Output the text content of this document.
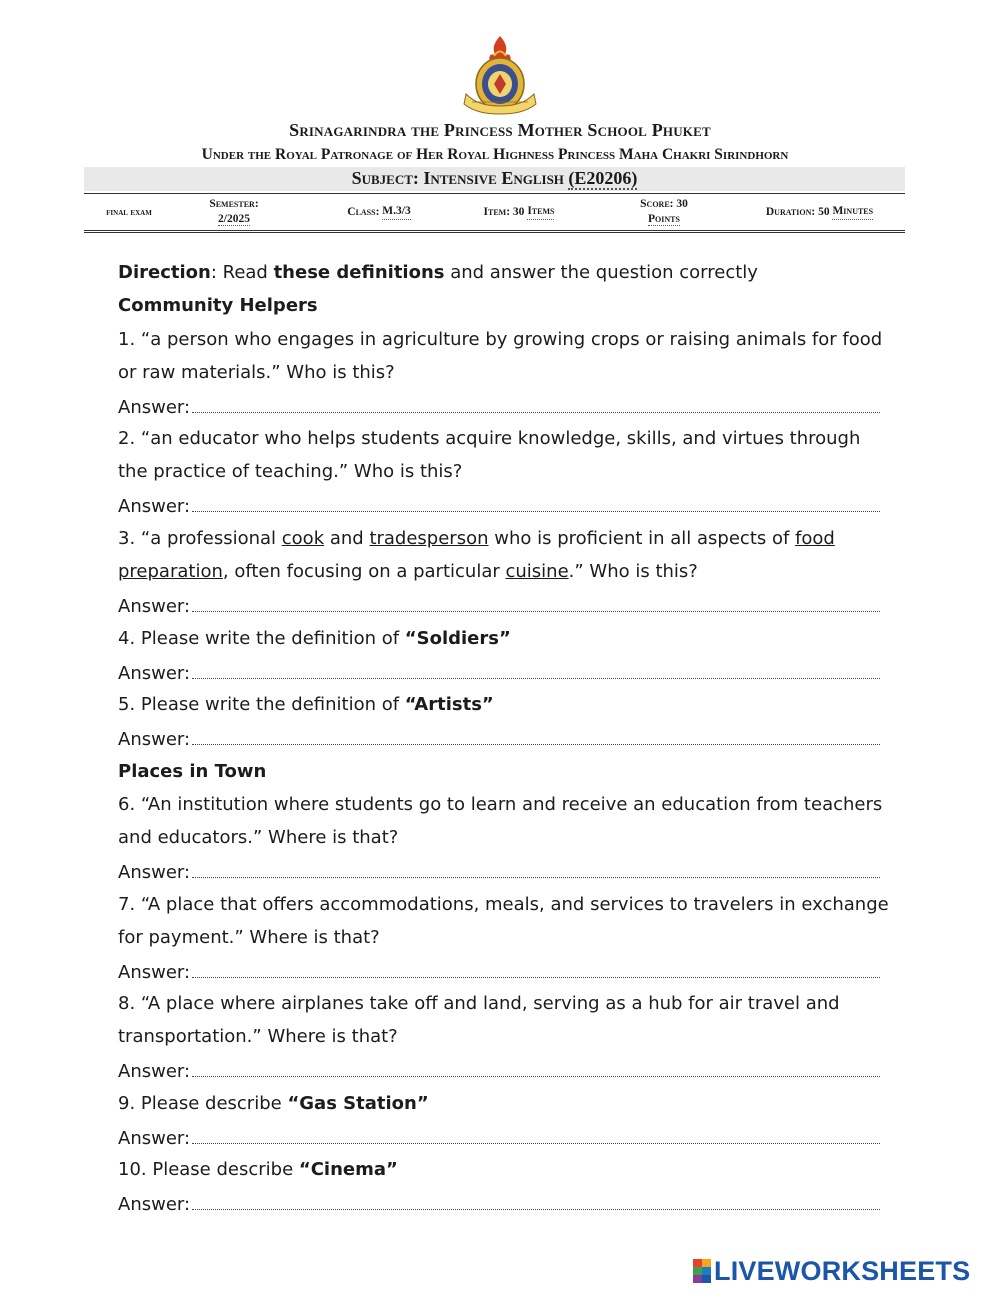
Srinagarindra the Princess Mother School Phuket
Under the Royal Patronage of Her Royal Highness Princess Maha Chakri Sirindhorn
Subject: Intensive English (E20206)
final exam
Semester:
2/2025
Class:
M.3/3	Item: 30
Items
Score: 30
Points
Duration: 50
Minutes
Direction: Read these definitions and answer the question correctly
Community Helpers
1. “a person who engages in agriculture by growing crops or raising animals for food
or raw materials.” Who is this?
Answer:
2. “an educator who helps students acquire knowledge, skills, and virtues through
the practice of teaching.” Who is this?
Answer:
3. “a professional cook and tradesperson who is proficient in all aspects of food
preparation, often focusing on a particular cuisine.” Who is this?
Answer:
4. Please write the definition of “Soldiers”
Answer:
5. Please write the definition of “Artists”
Answer:
Places in Town
6. “An institution where students go to learn and receive an education from teachers
and educators.” Where is that?
Answer:
7. “A place that offers accommodations, meals, and services to travelers in exchange
for payment.” Where is that?
Answer:
8. “A place where airplanes take off and land, serving as a hub for air travel and
transportation.” Where is that?
Answer:
9. Please describe “Gas Station”
Answer:
10. Please describe “Cinema”
Answer:
LIVEWORKSHEETS
